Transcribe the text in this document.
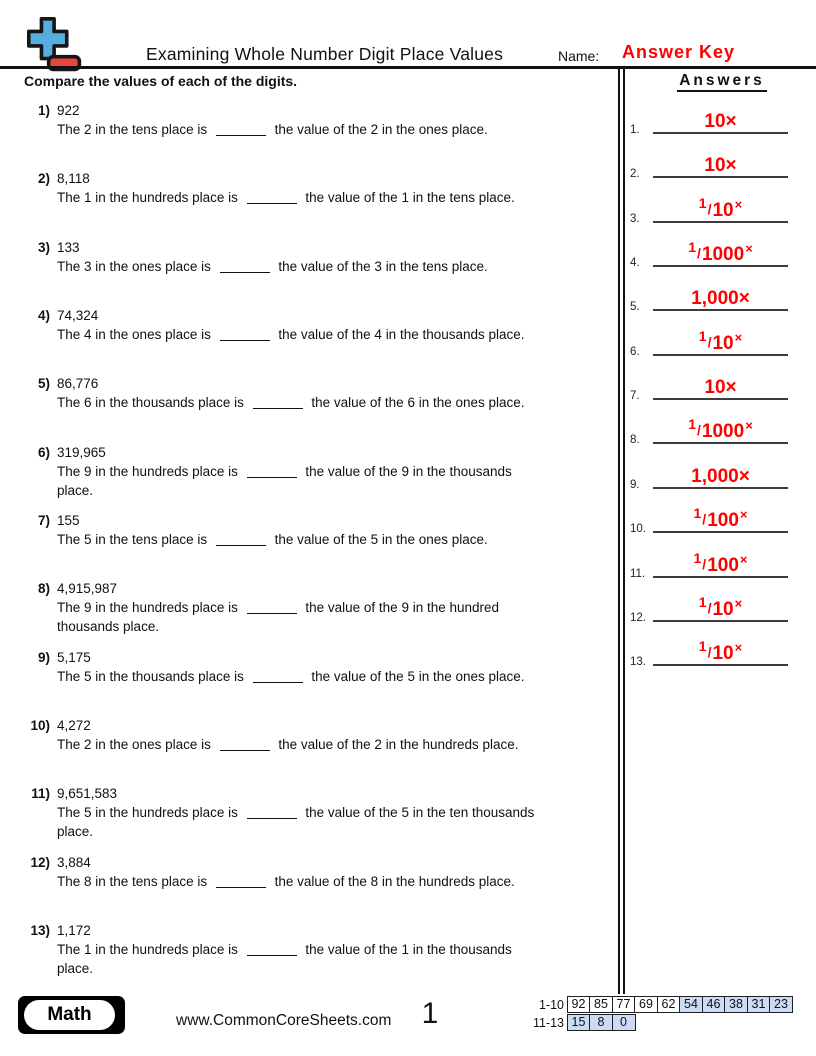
Examining Whole Number Digit Place Values	Name: Answer Key
Compare the values of each of the digits.	Answers
1.	10×
2.	10×
3.
$^1$/10×
4.
$^1$/1000×
5.	1,000×
6.
$^1$/10×
7.	10×
8.
$^1$/1000×
9.	1,000×
10.
$^1$/100×
11.
$^1$/100×
12.
$^1$/10×
13.
$^1$/10×
1) 922
The 2 in the tens place is	the value of the 2 in the ones place.
2) 8,118
The 1 in the hundreds place is	the value of the 1 in the tens place.
3) 133
The 3 in the ones place is	the value of the 3 in the tens place.
4) 74,324
The 4 in the ones place is	the value of the 4 in the thousands place.
5) 86,776
The 6 in the thousands place is	the value of the 6 in the ones place.
6) 319,965
The 9 in the hundreds place is	the value of the 9 in the thousands
place.
7) 155
The 5 in the tens place is	the value of the 5 in the ones place.
8) 4,915,987
The 9 in the hundreds place is	the value of the 9 in the hundred
thousands place.
9) 5,175
The 5 in the thousands place is	the value of the 5 in the ones place.
10) 4,272
The 2 in the ones place is	the value of the 2 in the hundreds place.
11) 9,651,583
The 5 in the hundreds place is	the value of the 5 in the ten thousands
place.
12) 3,884
The 8 in the tens place is	the value of the 8 in the hundreds place.
13) 1,172
The 1 in the hundreds place is	the value of the 1 in the thousands
place.
Math	www.CommonCoreSheets.com	1	1-10 92 85 77 69 62 54 46 38 31 23
11-13 15 8	0
